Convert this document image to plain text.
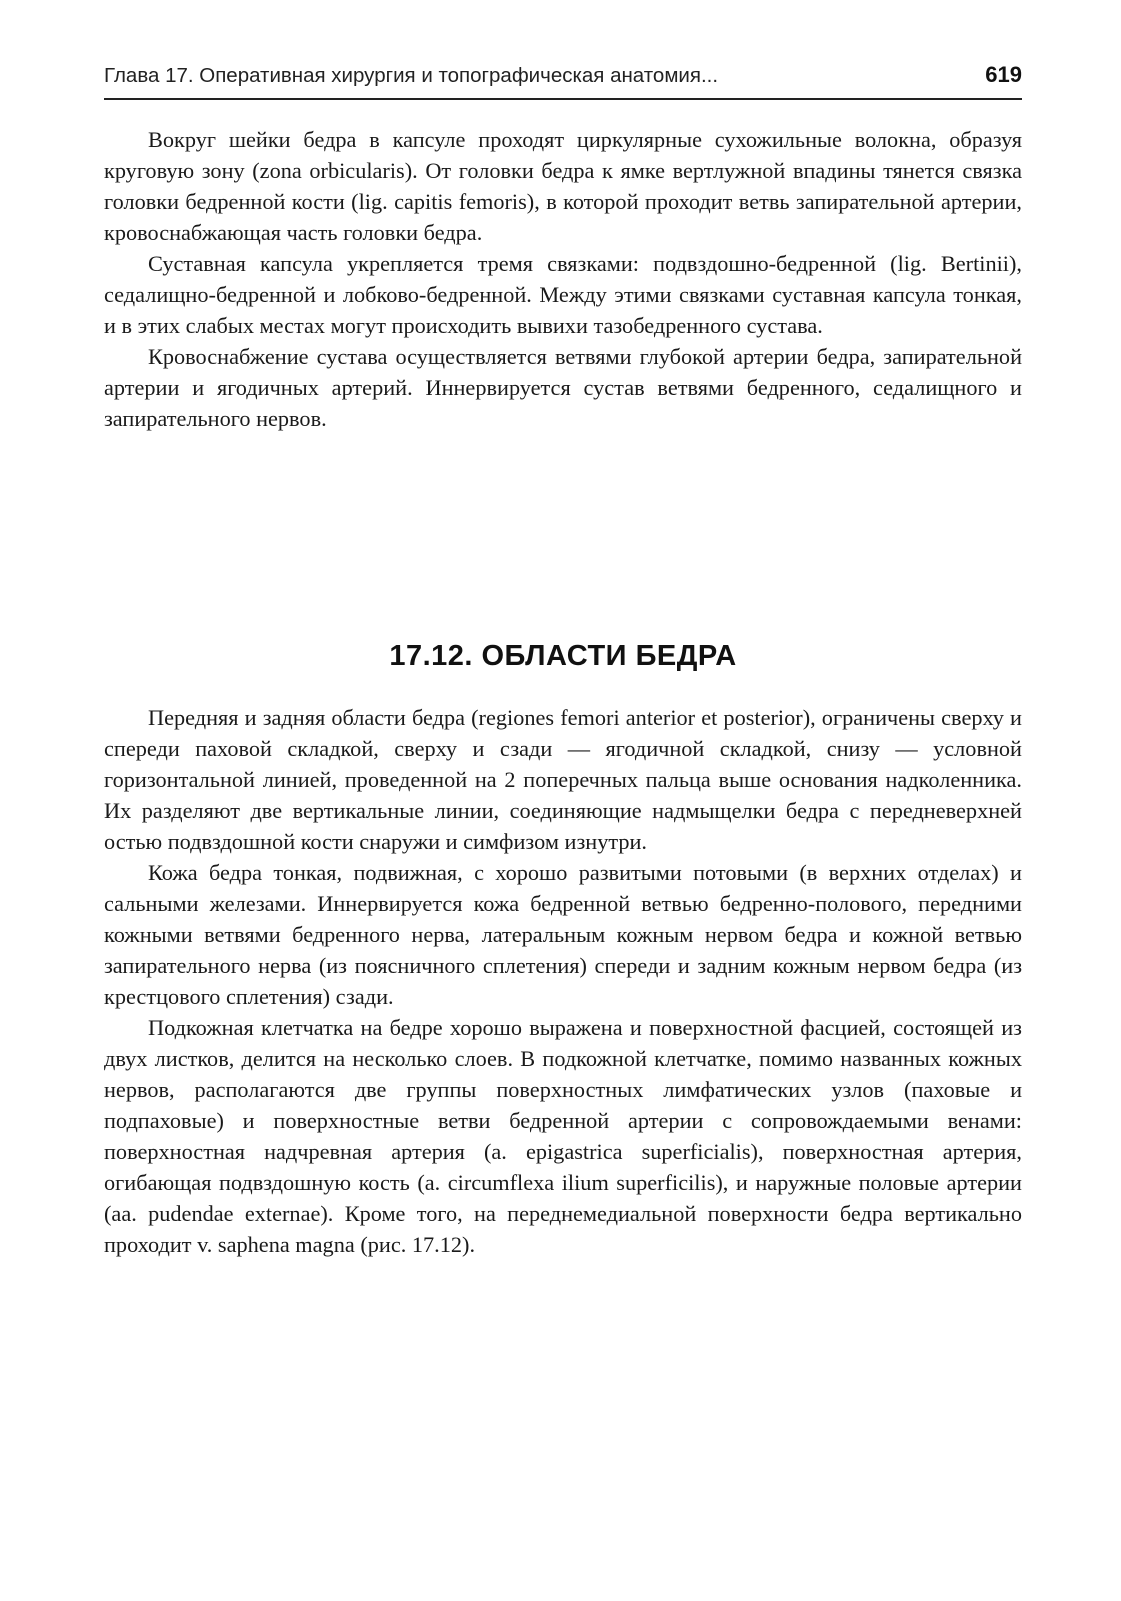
Глава 17. Оперативная хирургия и топографическая анатомия...	619

Вокруг шейки бедра в капсуле проходят циркулярные сухожильные волокна, образуя круговую зону (zona orbicularis). От головки бедра к ямке вертлужной впадины тянется связка головки бедренной кости (lig. capitis femoris), в которой проходит ветвь запирательной артерии, кровоснабжающая часть головки бедра.

Суставная капсула укрепляется тремя связками: подвздошно-бедренной (lig. Bertinii), седалищно-бедренной и лобково-бедренной. Между этими связками суставная капсула тонкая, и в этих слабых местах могут происходить вывихи тазобедренного сустава.

Кровоснабжение сустава осуществляется ветвями глубокой артерии бедра, запирательной артерии и ягодичных артерий. Иннервируется сустав ветвями бедренного, седалищного и запирательного нервов.

17.12. ОБЛАСТИ БЕДРА

Передняя и задняя области бедра (regiones femori anterior et posterior), ограничены сверху и спереди паховой складкой, сверху и сзади — ягодичной складкой, снизу — условной горизонтальной линией, проведенной на 2 поперечных пальца выше основания надколенника. Их разделяют две вертикальные линии, соединяющие надмыщелки бедра с передневерхней остью подвздошной кости снаружи и симфизом изнутри.

Кожа бедра тонкая, подвижная, с хорошо развитыми потовыми (в верхних отделах) и сальными железами. Иннервируется кожа бедренной ветвью бедренно-полового, передними кожными ветвями бедренного нерва, латеральным кожным нервом бедра и кожной ветвью запирательного нерва (из поясничного сплетения) спереди и задним кожным нервом бедра (из крестцового сплетения) сзади.

Подкожная клетчатка на бедре хорошо выражена и поверхностной фасцией, состоящей из двух листков, делится на несколько слоев. В подкожной клетчатке, помимо названных кожных нервов, располагаются две группы поверхностных лимфатических узлов (паховые и подпаховые) и поверхностные ветви бедренной артерии с сопровождаемыми венами: поверхностная надчревная артерия (a. epigastrica superficialis), поверхностная артерия, огибающая подвздошную кость (a. circumflexa ilium superficilis), и наружные половые артерии (aa. pudendae externae). Кроме того, на переднемедиальной поверхности бедра вертикально проходит v. saphena magna (рис. 17.12).
